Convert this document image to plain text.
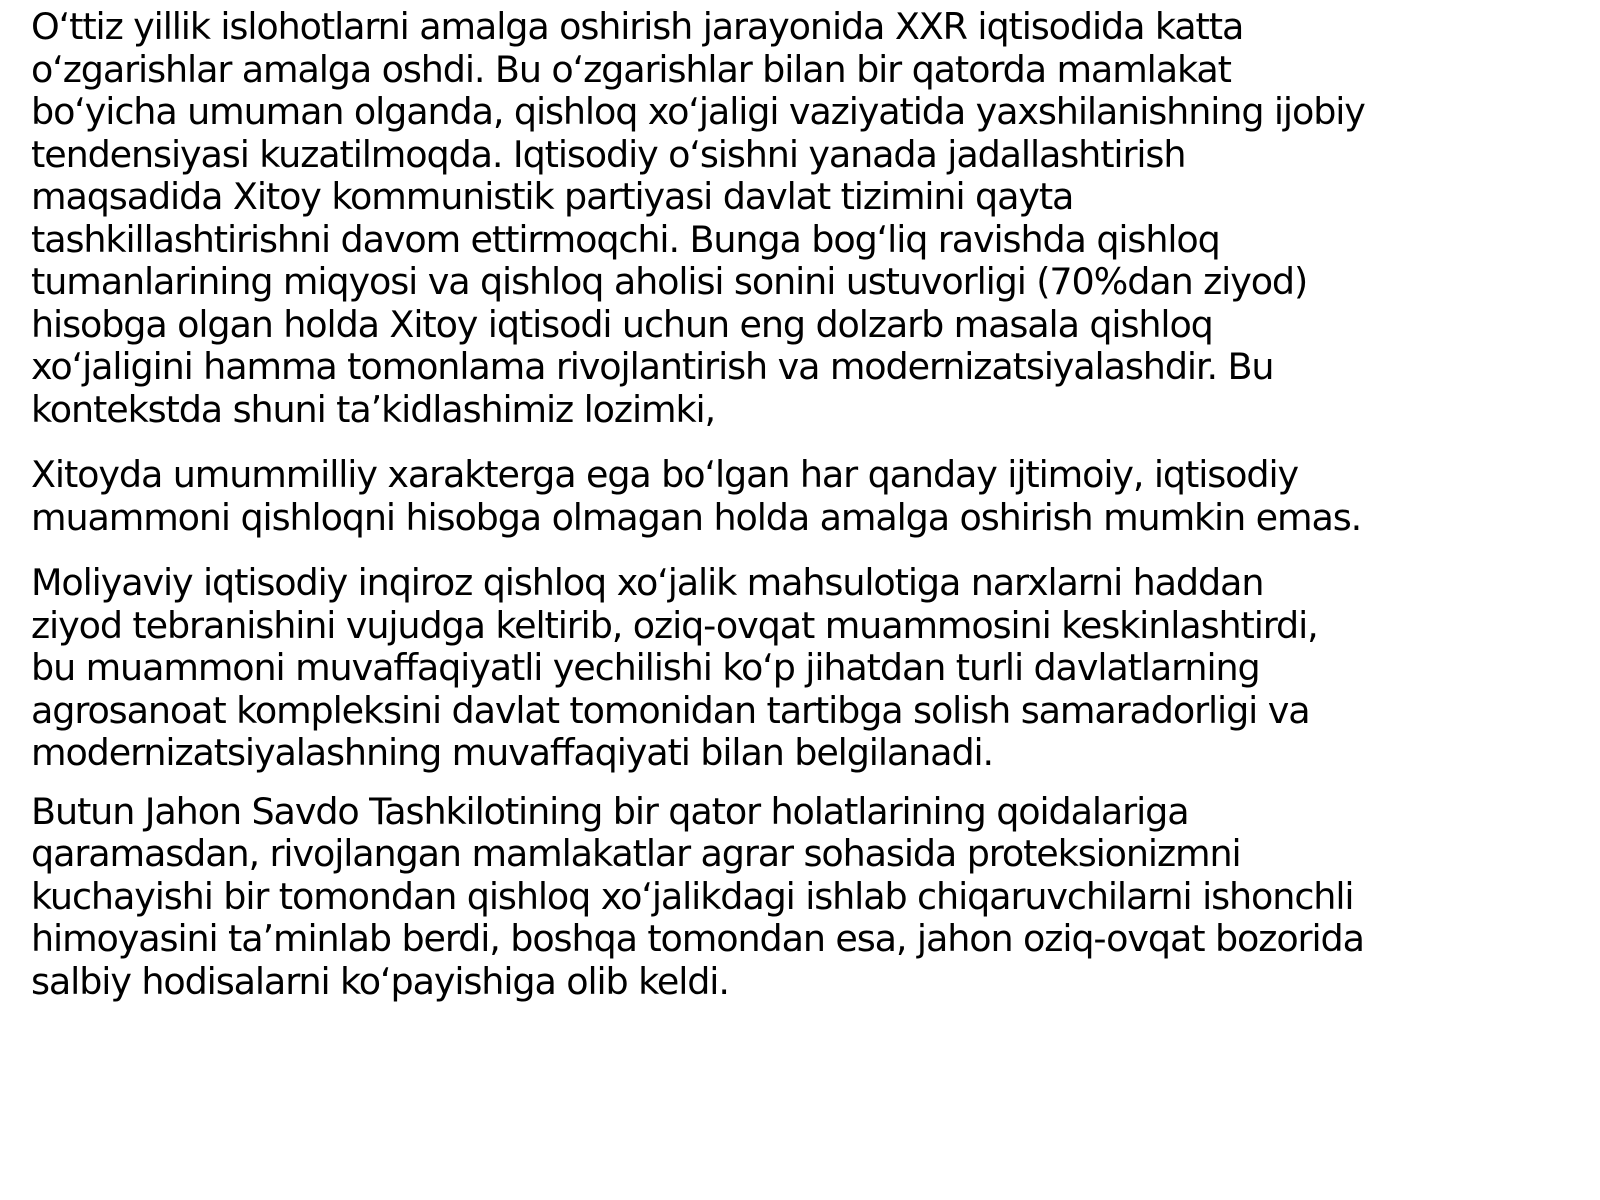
O‘ttiz yillik islohotlarni amalga oshirish jarayonida XXR iqtisodida katta
o‘zgarishlar amalga oshdi. Bu o‘zgarishlar bilan bir qatorda mamlakat
bo‘yicha umuman olganda, qishloq xo‘jaligi vaziyatida yaxshilanishning ijobiy
tendensiyasi kuzatilmoqda. Iqtisodiy o‘sishni yanada jadallashtirish
maqsadida Xitoy kommunistik partiyasi davlat tizimini qayta
tashkillashtirishni davom ettirmoqchi. Bunga bog‘liq ravishda qishloq
tumanlarining miqyosi va qishloq aholisi sonini ustuvorligi (70%dan ziyod)
hisobga olgan holda Xitoy iqtisodi uchun eng dolzarb masala qishloq
xo‘jaligini hamma tomonlama rivojlantirish va modernizatsiyalashdir. Bu
kontekstda shuni ta’kidlashimiz lozimki,

Xitoyda umummilliy xarakterga ega bo‘lgan har qanday ijtimoiy, iqtisodiy
muammoni qishloqni hisobga olmagan holda amalga oshirish mumkin emas.

Moliyaviy iqtisodiy inqiroz qishloq xo‘jalik mahsulotiga narxlarni haddan
ziyod tebranishini vujudga keltirib, oziq-ovqat muammosini keskinlashtirdi,
bu muammoni muvaffaqiyatli yechilishi ko‘p jihatdan turli davlatlarning
agrosanoat kompleksini davlat tomonidan tartibga solish samaradorligi va
modernizatsiyalashning muvaffaqiyati bilan belgilanadi.

Butun Jahon Savdo Tashkilotining bir qator holatlarining qoidalariga
qaramasdan, rivojlangan mamlakatlar agrar sohasida proteksionizmni
kuchayishi bir tomondan qishloq xo‘jalikdagi ishlab chiqaruvchilarni ishonchli
himoyasini ta’minlab berdi, boshqa tomondan esa, jahon oziq-ovqat bozorida
salbiy hodisalarni ko‘payishiga olib keldi.
